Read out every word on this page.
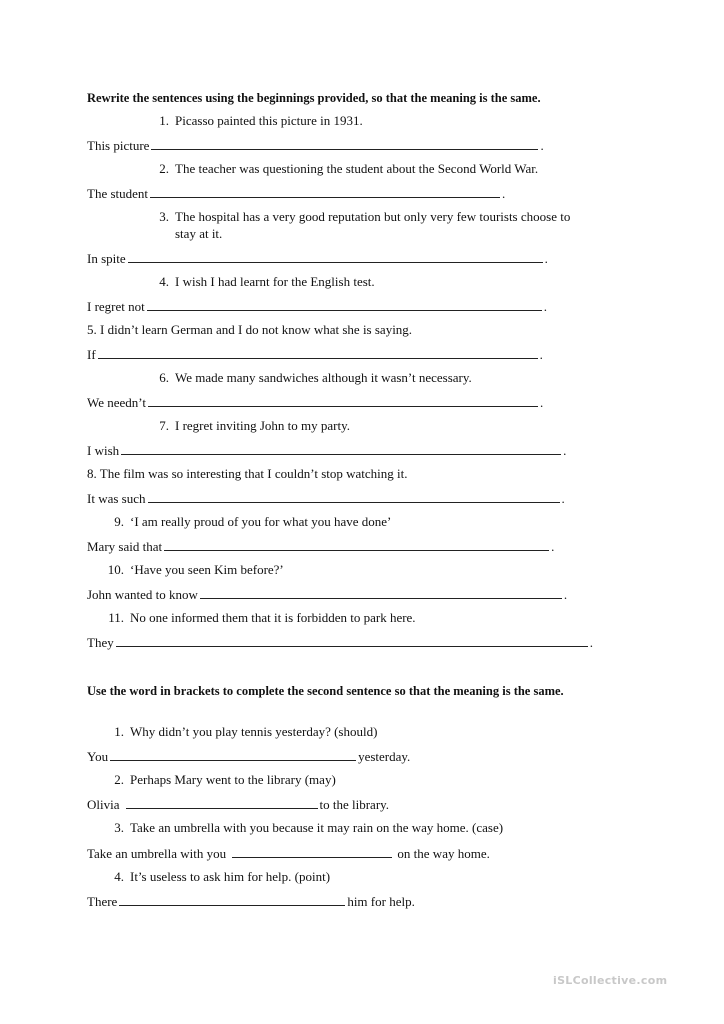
Rewrite the sentences using the beginnings provided, so that the meaning is the same.
1. Picasso painted this picture in 1931.
This picture	.
2. The teacher was questioning the student about the Second World War.
The student	.
3. The hospital has a very good reputation but only very few tourists choose to
stay at it.
In spite	.
4. I wish I had learnt for the English test.
I regret not	.
5. I didn’t learn German and I do not know what she is saying.
If	.
6. We made many sandwiches although it wasn’t necessary.
We needn’t	.
7. I regret inviting John to my party.
I wish	.
8. The film was so interesting that I couldn’t stop watching it.
It was such	.
9. ‘I am really proud of you for what you have done’
Mary said that	.
10. ‘Have you seen Kim before?’
John wanted to know	.
11. No one informed them that it is forbidden to park here.
They	.
Use the word in brackets to complete the second sentence so that the meaning is the same.
1. Why didn’t you play tennis yesterday? (should)
You	yesterday.
2. Perhaps Mary went to the library (may)
Olivia	to the library.
3. Take an umbrella with you because it may rain on the way home. (case)
Take an umbrella with you	on the way home.
4. It’s useless to ask him for help. (point)
There	him for help.
iSLCollective.com
